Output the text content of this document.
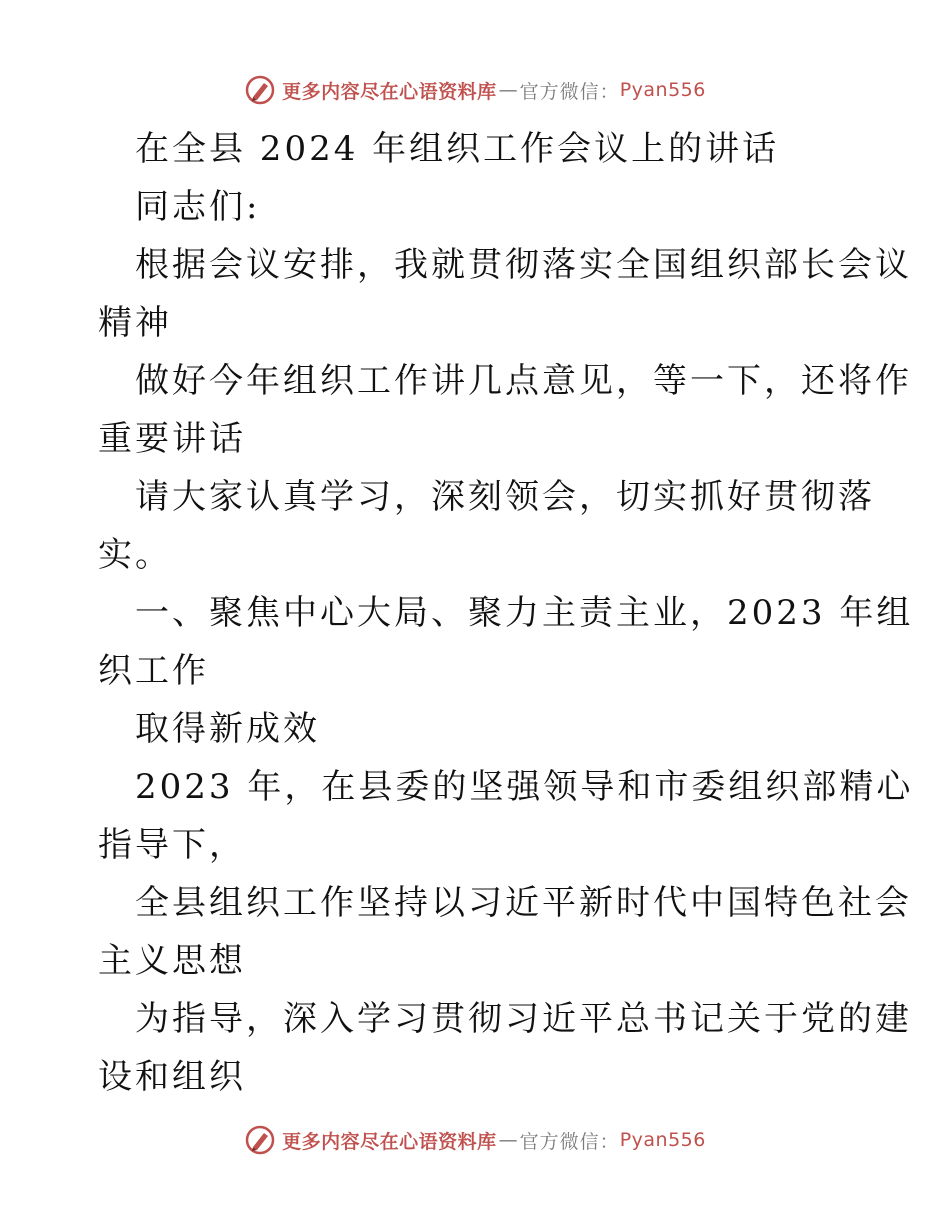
更多内容尽在心语资料库 — 官方微信： Pyan556
在全县 2024 年组织工作会议上的讲话
同志们:
根据会议安排，我就贯彻落实全国组织部长会议
精神
做好今年组织工作讲几点意见，等一下，还将作
重要讲话
请大家认真学习，深刻领会，切实抓好贯彻落
实。
一、聚焦中心大局、聚力主责主业，2023 年组
织工作
取得新成效
2023 年，在县委的坚强领导和市委组织部精心
指导下，
全县组织工作坚持以习近平新时代中国特色社会
主义思想
为指导，深入学习贯彻习近平总书记关于党的建
设和组织
更多内容尽在心语资料库 — 官方微信： Pyan556
